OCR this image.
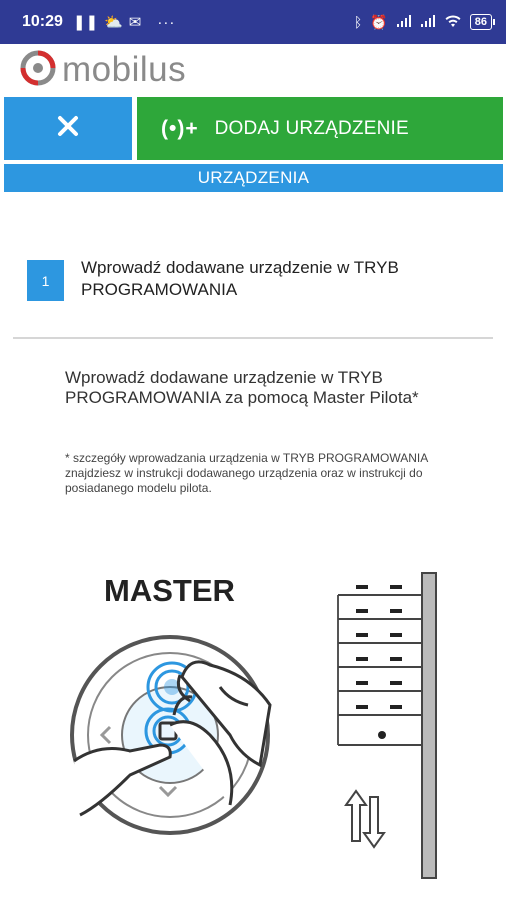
10:29 ❚❚ ⛅ ✉ ···	ᛒ ⏰	86
mobilus
(•)+ DODAJ URZĄDZENIE
URZĄDZENIA
1
Wprowadź dodawane urządzenie w TRYB PROGRAMOWANIA
Wprowadź dodawane urządzenie w TRYB PROGRAMOWANIA za pomocą Master Pilota*
* szczegóły wprowadzania urządzenia w TRYB PROGRAMOWANIA znajdziesz w instrukcji dodawanego urządzenia oraz w instrukcji do posiadanego modelu pilota.
MASTER
